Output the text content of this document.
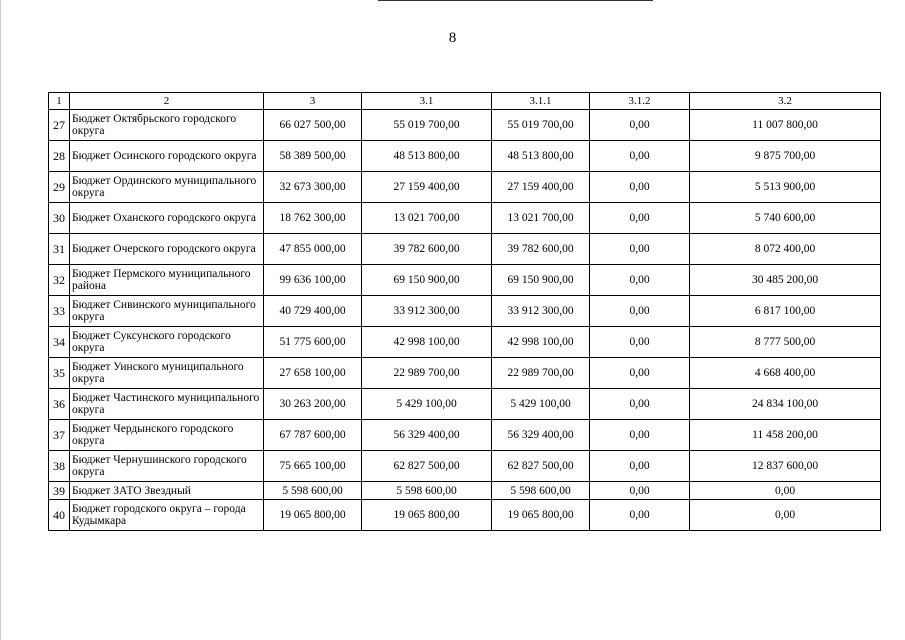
8
1	2	3	3.1	3.1.1	3.1.2	3.2
27	Бюджет Октябрьского городского округа	66 027 500,00	55 019 700,00	55 019 700,00	0,00	11 007 800,00
28	Бюджет Осинского городского округа	58 389 500,00	48 513 800,00	48 513 800,00	0,00	9 875 700,00
29	Бюджет Ординского муниципального округа	32 673 300,00	27 159 400,00	27 159 400,00	0,00	5 513 900,00
30	Бюджет Оханского городского округа	18 762 300,00	13 021 700,00	13 021 700,00	0,00	5 740 600,00
31	Бюджет Очерского городского округа	47 855 000,00	39 782 600,00	39 782 600,00	0,00	8 072 400,00
32	Бюджет Пермского муниципального района	99 636 100,00	69 150 900,00	69 150 900,00	0,00	30 485 200,00
33	Бюджет Сивинского муниципального округа	40 729 400,00	33 912 300,00	33 912 300,00	0,00	6 817 100,00
34	Бюджет Суксунского городского округа	51 775 600,00	42 998 100,00	42 998 100,00	0,00	8 777 500,00
35	Бюджет Уинского муниципального округа	27 658 100,00	22 989 700,00	22 989 700,00	0,00	4 668 400,00
36	Бюджет Частинского муниципального округа	30 263 200,00	5 429 100,00	5 429 100,00	0,00	24 834 100,00
37	Бюджет Чердынского городского округа	67 787 600,00	56 329 400,00	56 329 400,00	0,00	11 458 200,00
38	Бюджет Чернушинского городского округа	75 665 100,00	62 827 500,00	62 827 500,00	0,00	12 837 600,00
39	Бюджет ЗАТО Звездный	5 598 600,00	5 598 600,00	5 598 600,00	0,00	0,00
40	Бюджет городского округа – города Кудымкара	19 065 800,00	19 065 800,00	19 065 800,00	0,00	0,00
